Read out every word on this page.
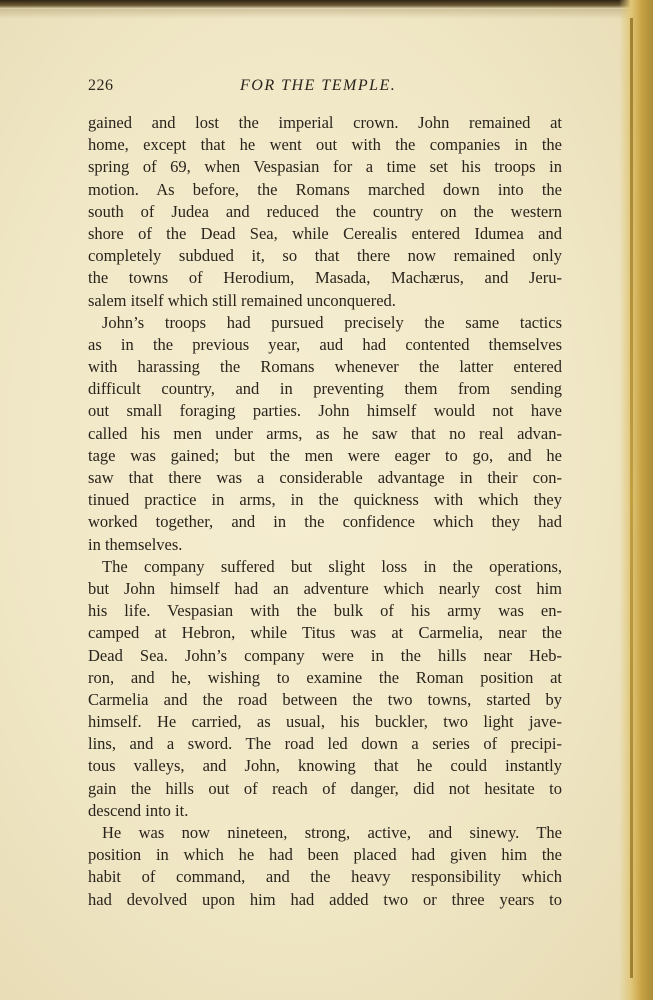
226	FOR THE TEMPLE.
gained and lost the imperial crown. John remained at
home, except that he went out with the companies in the
spring of 69, when Vespasian for a time set his troops in
motion. As before, the Romans marched down into the
south of Judea and reduced the country on the western
shore of the Dead Sea, while Cerealis entered Idumea and
completely subdued it, so that there now remained only
the towns of Herodium, Masada, Machærus, and Jeru-
salem itself which still remained unconquered.
John’s troops had pursued precisely the same tactics
as in the previous year, aud had contented themselves
with harassing the Romans whenever the latter entered
difficult country, and in preventing them from sending
out small foraging parties. John himself would not have
called his men under arms, as he saw that no real advan-
tage was gained; but the men were eager to go, and he
saw that there was a considerable advantage in their con-
tinued practice in arms, in the quickness with which they
worked together, and in the confidence which they had
in themselves.
The company suffered but slight loss in the operations,
but John himself had an adventure which nearly cost him
his life. Vespasian with the bulk of his army was en-
camped at Hebron, while Titus was at Carmelia, near the
Dead Sea. John’s company were in the hills near Heb-
ron, and he, wishing to examine the Roman position at
Carmelia and the road between the two towns, started by
himself. He carried, as usual, his buckler, two light jave-
lins, and a sword. The road led down a series of precipi-
tous valleys, and John, knowing that he could instantly
gain the hills out of reach of danger, did not hesitate to
descend into it.
He was now nineteen, strong, active, and sinewy. The
position in which he had been placed had given him the
habit of command, and the heavy responsibility which
had devolved upon him had added two or three years to
